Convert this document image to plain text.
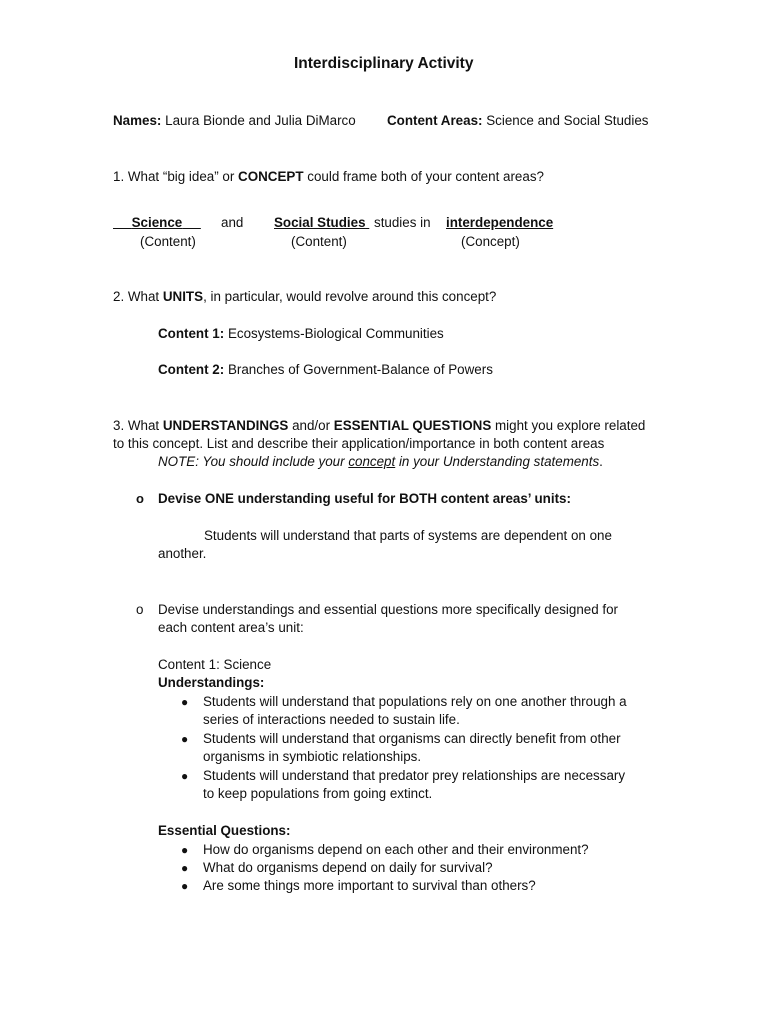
Interdisciplinary Activity
Names: Laura Bionde and Julia DiMarco Content Areas: Science and Social Studies
1. What “big idea” or CONCEPT could frame both of your content areas?
Science	and Social Studies studies in interdependence
(Content)	(Content)	(Concept)
2. What UNITS, in particular, would revolve around this concept?
Content 1: Ecosystems-Biological Communities
Content 2: Branches of Government-Balance of Powers
3. What UNDERSTANDINGS and/or ESSENTIAL QUESTIONS might you explore related
to this concept. List and describe their application/importance in both content areas
NOTE: You should include your concept in your Understanding statements.
o Devise ONE understanding useful for BOTH content areas’ units:
Students will understand that parts of systems are dependent on one
another.
o Devise understandings and essential questions more specifically designed for
each content area’s unit:
Content 1: Science
Understandings:
● Students will understand that populations rely on one another through a
series of interactions needed to sustain life.
● Students will understand that organisms can directly benefit from other
organisms in symbiotic relationships.
● Students will understand that predator prey relationships are necessary
to keep populations from going extinct.
Essential Questions:
● How do organisms depend on each other and their environment?
● What do organisms depend on daily for survival?
● Are some things more important to survival than others?
